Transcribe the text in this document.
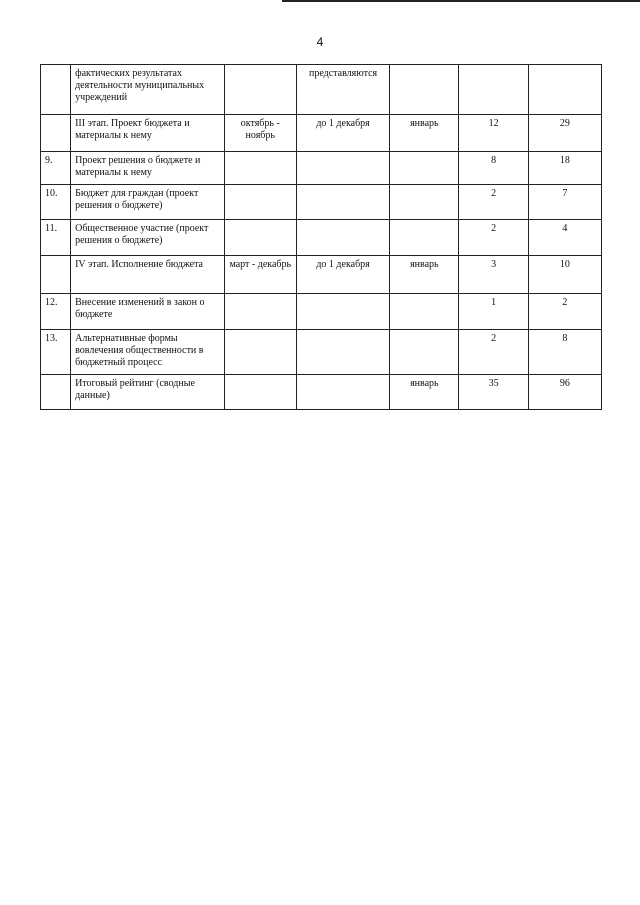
4
	фактических результатах деятельности муниципальных учреждений		представляются			
	III этап. Проект бюджета и материалы к нему	октябрь - ноябрь	до 1 декабря	январь	12	29
9.	Проект решения о бюджете и материалы к нему				8	18
10.	Бюджет для граждан (проект решения о бюджете)				2	7
11.	Общественное участие (проект решения о бюджете)				2	4
	IV этап. Исполнение бюджета	март - декабрь	до 1 декабря	январь	3	10
12.	Внесение изменений в закон о бюджете				1	2
13.	Альтернативные формы вовлечения общественности в бюджетный процесс				2	8
	Итоговый рейтинг (сводные данные)			январь	35	96
